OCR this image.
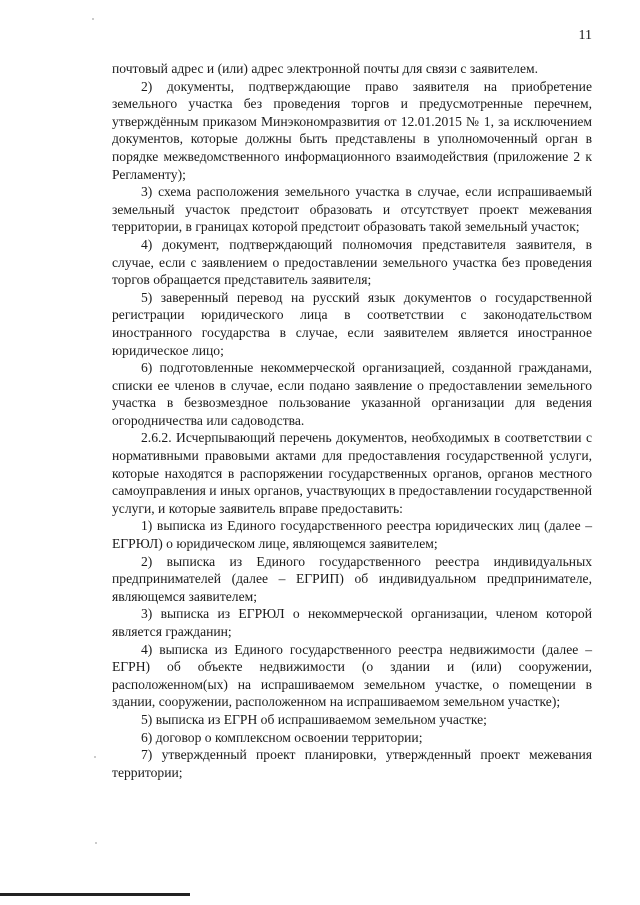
11

почтовый адрес и (или) адрес электронной почты для связи с заявителем.

2) документы, подтверждающие право заявителя на приобретение земельного участка без проведения торгов и предусмотренные перечнем, утверждённым приказом Минэкономразвития от 12.01.2015 № 1, за исключением документов, которые должны быть представлены в уполномоченный орган в порядке межведомственного информационного взаимодействия (приложение 2 к Регламенту);

3) схема расположения земельного участка в случае, если испрашиваемый земельный участок предстоит образовать и отсутствует проект межевания территории, в границах которой предстоит образовать такой земельный участок;

4) документ, подтверждающий полномочия представителя заявителя, в случае, если с заявлением о предоставлении земельного участка без проведения торгов обращается представитель заявителя;

5) заверенный перевод на русский язык документов о государственной регистрации юридического лица в соответствии с законодательством иностранного государства в случае, если заявителем является иностранное юридическое лицо;

6) подготовленные некоммерческой организацией, созданной гражданами, списки ее членов в случае, если подано заявление о предоставлении земельного участка в безвозмездное пользование указанной организации для ведения огородничества или садоводства.

2.6.2. Исчерпывающий перечень документов, необходимых в соответствии с нормативными правовыми актами для предоставления государственной услуги, которые находятся в распоряжении государственных органов, органов местного самоуправления и иных органов, участвующих в предоставлении государственной услуги, и которые заявитель вправе предоставить:

1) выписка из Единого государственного реестра юридических лиц (далее – ЕГРЮЛ) о юридическом лице, являющемся заявителем;

2) выписка из Единого государственного реестра индивидуальных предпринимателей (далее – ЕГРИП) об индивидуальном предпринимателе, являющемся заявителем;

3) выписка из ЕГРЮЛ о некоммерческой организации, членом которой является гражданин;

4) выписка из Единого государственного реестра недвижимости (далее – ЕГРН) об объекте недвижимости (о здании и (или) сооружении, расположенном(ых) на испрашиваемом земельном участке, о помещении в здании, сооружении, расположенном на испрашиваемом земельном участке);

5) выписка из ЕГРН об испрашиваемом земельном участке;

6) договор о комплексном освоении территории;

7) утвержденный проект планировки, утвержденный проект межевания территории;
